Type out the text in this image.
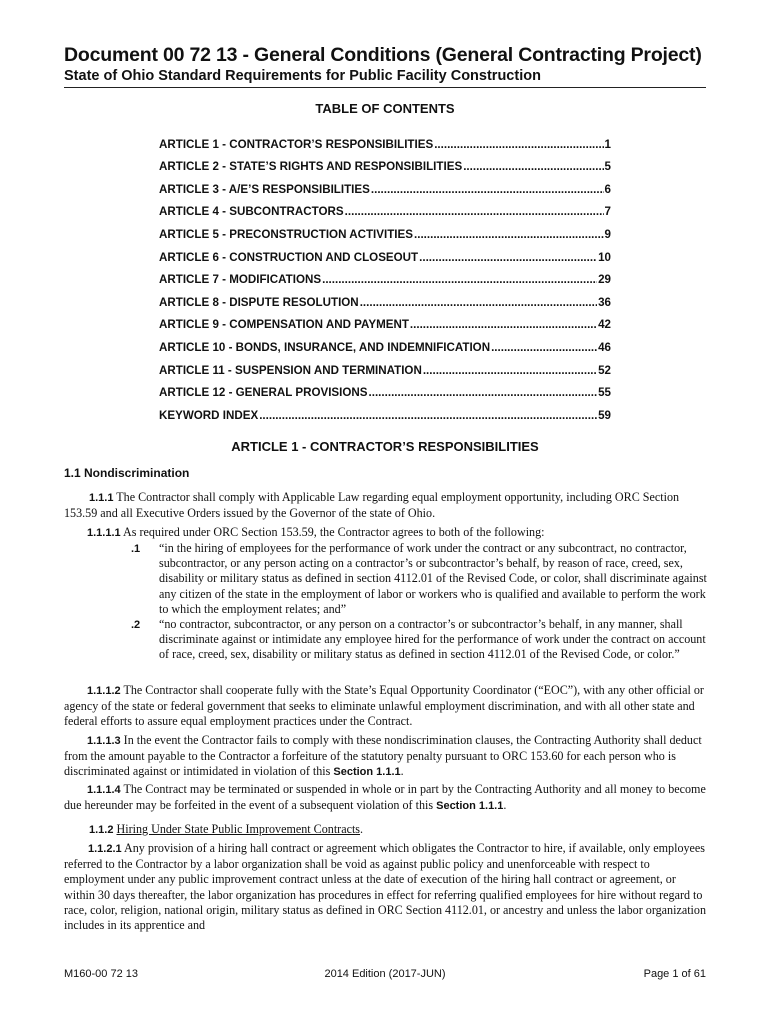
Document 00 72 13 - General Conditions (General Contracting Project)
State of Ohio Standard Requirements for Public Facility Construction
TABLE OF CONTENTS
ARTICLE 1 - CONTRACTOR’S RESPONSIBILITIES .....	1
ARTICLE 2 - STATE’S RIGHTS AND RESPONSIBILITIES .....	5
ARTICLE 3 - A/E’S RESPONSIBILITIES .....	6
ARTICLE 4 - SUBCONTRACTORS .....	7
ARTICLE 5 - PRECONSTRUCTION ACTIVITIES .....	9
ARTICLE 6 - CONSTRUCTION AND CLOSEOUT .....	10
ARTICLE 7 - MODIFICATIONS .....	29
ARTICLE 8 - DISPUTE RESOLUTION .....	36
ARTICLE 9 - COMPENSATION AND PAYMENT .....	42
ARTICLE 10 - BONDS, INSURANCE, AND INDEMNIFICATION .....	46
ARTICLE 11 - SUSPENSION AND TERMINATION .....	52
ARTICLE 12 - GENERAL PROVISIONS .....	55
KEYWORD INDEX .....	59
ARTICLE 1 - CONTRACTOR’S RESPONSIBILITIES
1.1 Nondiscrimination
1.1.1 The Contractor shall comply with Applicable Law regarding equal employment opportunity, including ORC Section 153.59 and all Executive Orders issued by the Governor of the state of Ohio.
1.1.1.1 As required under ORC Section 153.59, the Contractor agrees to both of the following:
.1 “in the hiring of employees for the performance of work under the contract or any subcontract, no contractor, subcontractor, or any person acting on a contractor’s or subcontractor’s behalf, by reason of race, creed, sex, disability or military status as defined in section 4112.01 of the Revised Code, or color, shall discriminate against any citizen of the state in the employment of labor or workers who is qualified and available to perform the work to which the employment relates; and”
.2 “no contractor, subcontractor, or any person on a contractor’s or subcontractor’s behalf, in any manner, shall discriminate against or intimidate any employee hired for the performance of work under the contract on account of race, creed, sex, disability or military status as defined in section 4112.01 of the Revised Code, or color.”
1.1.1.2 The Contractor shall cooperate fully with the State’s Equal Opportunity Coordinator (“EOC”), with any other official or agency of the state or federal government that seeks to eliminate unlawful employment discrimination, and with all other state and federal efforts to assure equal employment practices under the Contract.
1.1.1.3 In the event the Contractor fails to comply with these nondiscrimination clauses, the Contracting Authority shall deduct from the amount payable to the Contractor a forfeiture of the statutory penalty pursuant to ORC 153.60 for each person who is discriminated against or intimidated in violation of this Section 1.1.1.
1.1.1.4 The Contract may be terminated or suspended in whole or in part by the Contracting Authority and all money to become due hereunder may be forfeited in the event of a subsequent violation of this Section 1.1.1.
1.1.2 Hiring Under State Public Improvement Contracts.
1.1.2.1 Any provision of a hiring hall contract or agreement which obligates the Contractor to hire, if available, only employees referred to the Contractor by a labor organization shall be void as against public policy and unenforceable with respect to employment under any public improvement contract unless at the date of execution of the hiring hall contract or agreement, or within 30 days thereafter, the labor organization has procedures in effect for referring qualified employees for hire without regard to race, color, religion, national origin, military status as defined in ORC Section 4112.01, or ancestry and unless the labor organization includes in its apprentice and
M160-00 72 13	2014 Edition (2017-JUN)	Page 1 of 61
